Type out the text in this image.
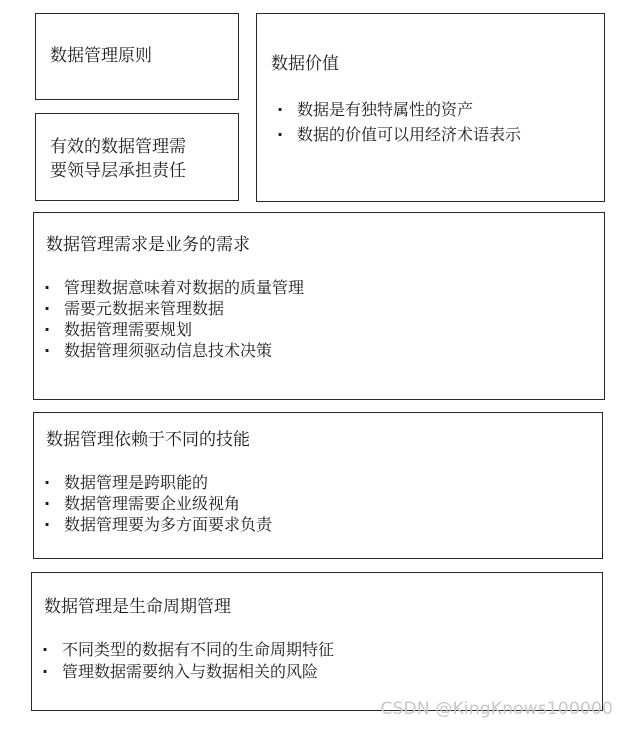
数据管理原则

有效的数据管理需
要领导层承担责任

数据价值

· 数据是有独特属性的资产
· 数据的价值可以用经济术语表示

数据管理需求是业务的需求

· 管理数据意味着对数据的质量管理
· 需要元数据来管理数据
· 数据管理需要规划
· 数据管理须驱动信息技术决策

数据管理依赖于不同的技能

· 数据管理是跨职能的
· 数据管理需要企业级视角
· 数据管理要为多方面要求负责

数据管理是生命周期管理

· 不同类型的数据有不同的生命周期特征
· 管理数据需要纳入与数据相关的风险
CSDN @KingKnows100000
